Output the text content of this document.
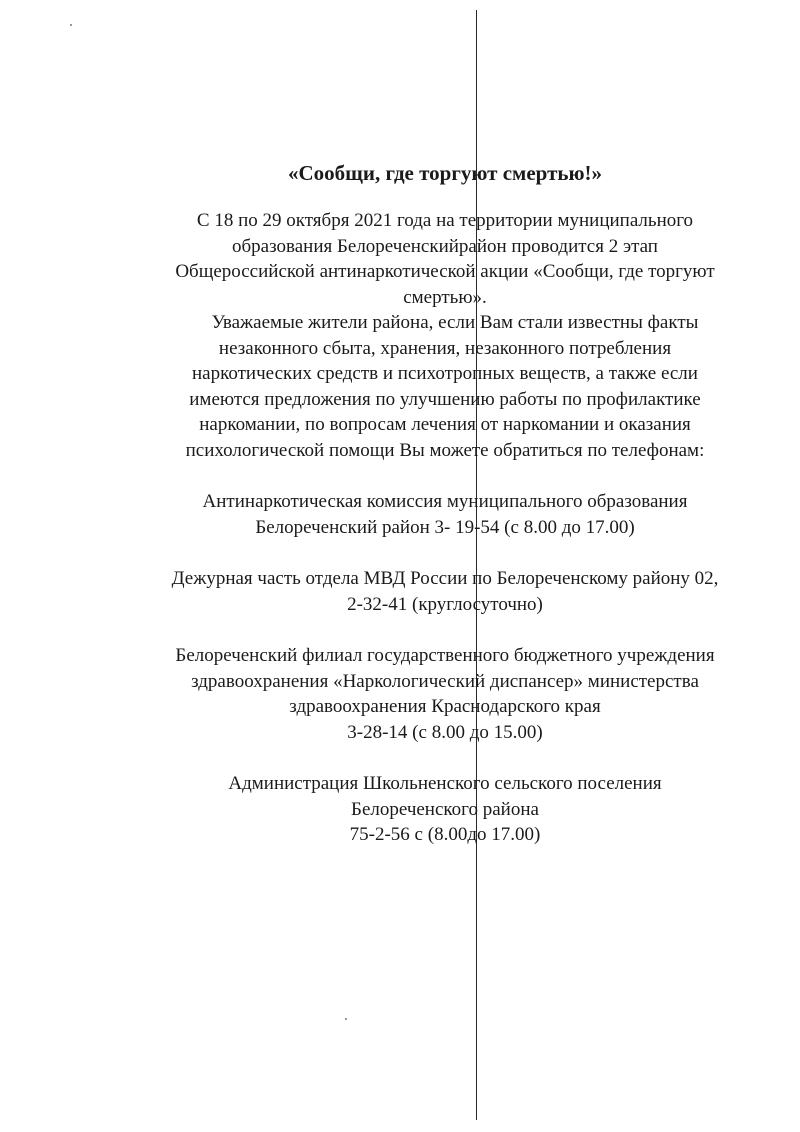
«Сообщи, где торгуют смертью!»

С 18 по 29 октября 2021 года на территории муниципального
образования Белореченскийрайон проводится 2 этап
Общероссийской антинаркотической акции «Сообщи, где торгуют
смертью».

Уважаемые жители района, если Вам стали известны факты
незаконного сбыта, хранения, незаконного потребления
наркотических средств и психотропных веществ, а также если
имеются предложения по улучшению работы по профилактике
наркомании, по вопросам лечения от наркомании и оказания
психологической помощи Вы можете обратиться по телефонам:

Антинаркотическая комиссия муниципального образования
Белореченский район 3- 19-54 (с 8.00 до 17.00)

Дежурная часть отдела МВД России по Белореченскому району 02,
2-32-41 (круглосуточно)

Белореченский филиал государственного бюджетного учреждения
здравоохранения «Наркологический диспансер» министерства
здравоохранения Краснодарского края
3-28-14 (с 8.00 до 15.00)

Администрация Школьненского сельского поселения
Белореченского района
75-2-56 с (8.00до 17.00)
